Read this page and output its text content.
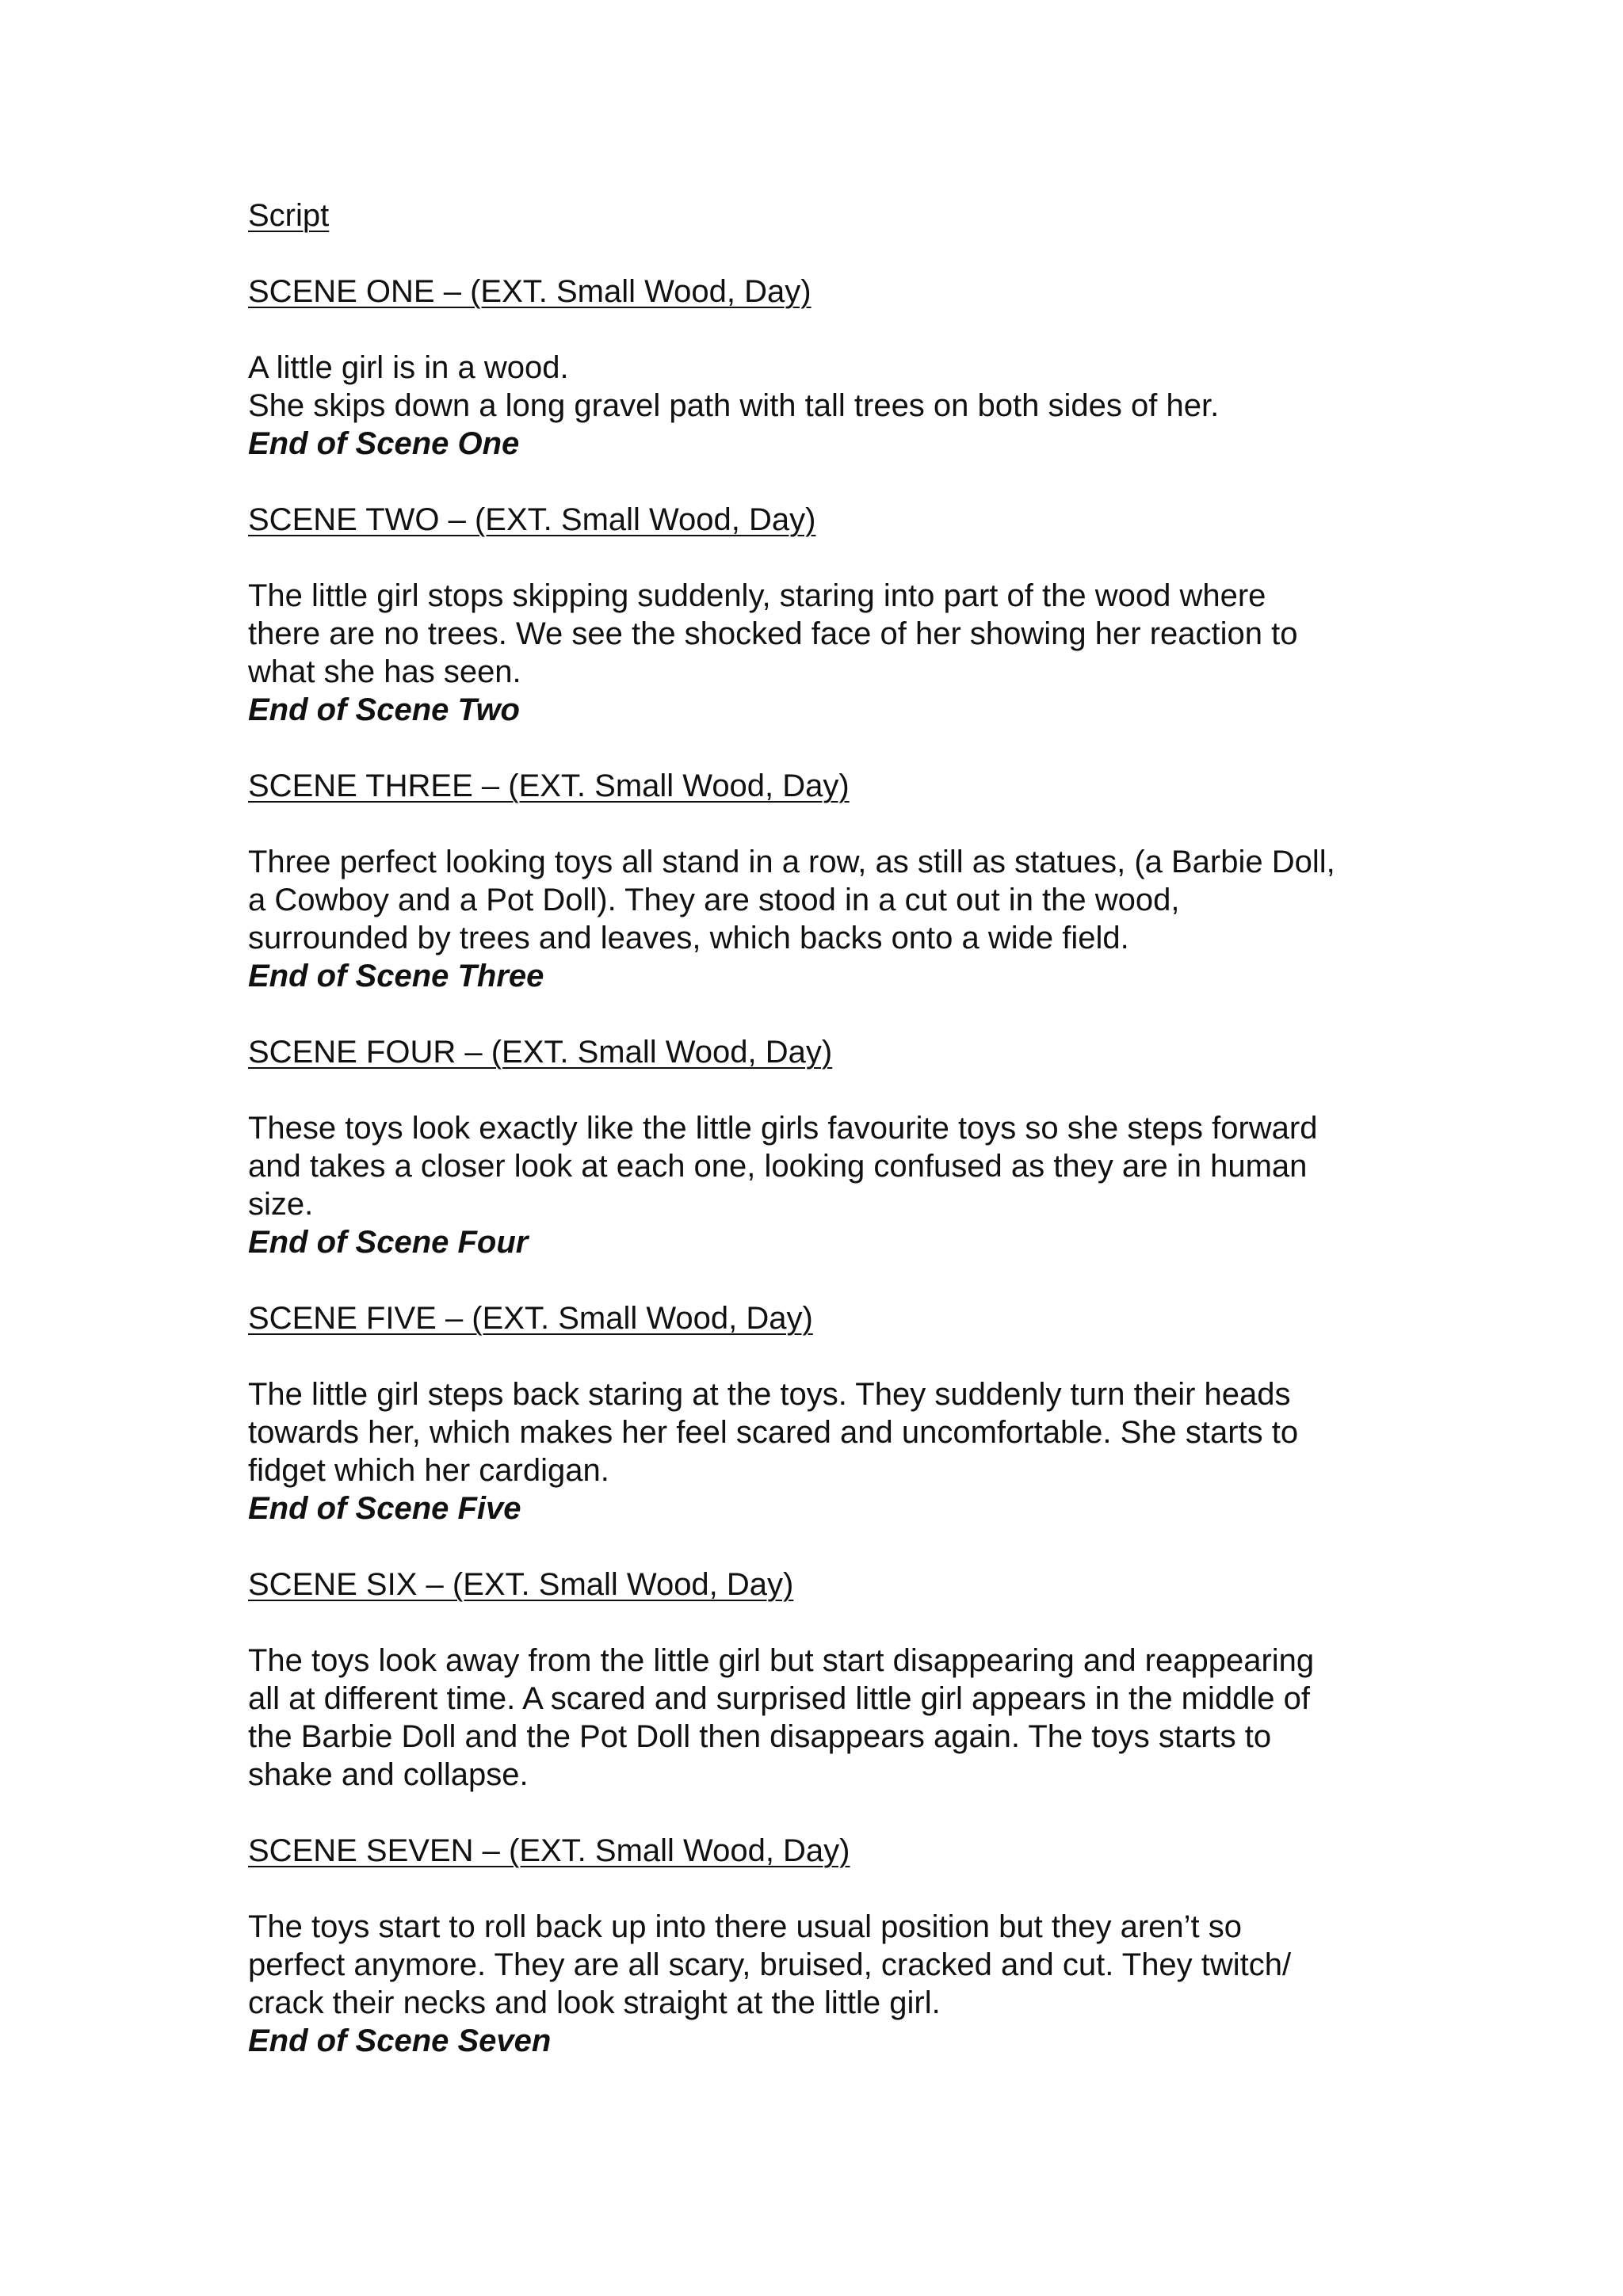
Script
SCENE ONE – (EXT. Small Wood, Day)
A little girl is in a wood.
She skips down a long gravel path with tall trees on both sides of her.
End of Scene One
SCENE TWO – (EXT. Small Wood, Day)
The little girl stops skipping suddenly, staring into part of the wood where
there are no trees. We see the shocked face of her showing her reaction to
what she has seen.
End of Scene Two
SCENE THREE – (EXT. Small Wood, Day)
Three perfect looking toys all stand in a row, as still as statues, (a Barbie Doll,
a Cowboy and a Pot Doll). They are stood in a cut out in the wood,
surrounded by trees and leaves, which backs onto a wide field.
End of Scene Three
SCENE FOUR – (EXT. Small Wood, Day)
These toys look exactly like the little girls favourite toys so she steps forward
and takes a closer look at each one, looking confused as they are in human
size.
End of Scene Four
SCENE FIVE – (EXT. Small Wood, Day)
The little girl steps back staring at the toys. They suddenly turn their heads
towards her, which makes her feel scared and uncomfortable. She starts to
fidget which her cardigan.
End of Scene Five
SCENE SIX – (EXT. Small Wood, Day)
The toys look away from the little girl but start disappearing and reappearing
all at different time. A scared and surprised little girl appears in the middle of
the Barbie Doll and the Pot Doll then disappears again. The toys starts to
shake and collapse.
SCENE SEVEN – (EXT. Small Wood, Day)
The toys start to roll back up into there usual position but they aren’t so
perfect anymore. They are all scary, bruised, cracked and cut. They twitch/
crack their necks and look straight at the little girl.
End of Scene Seven
